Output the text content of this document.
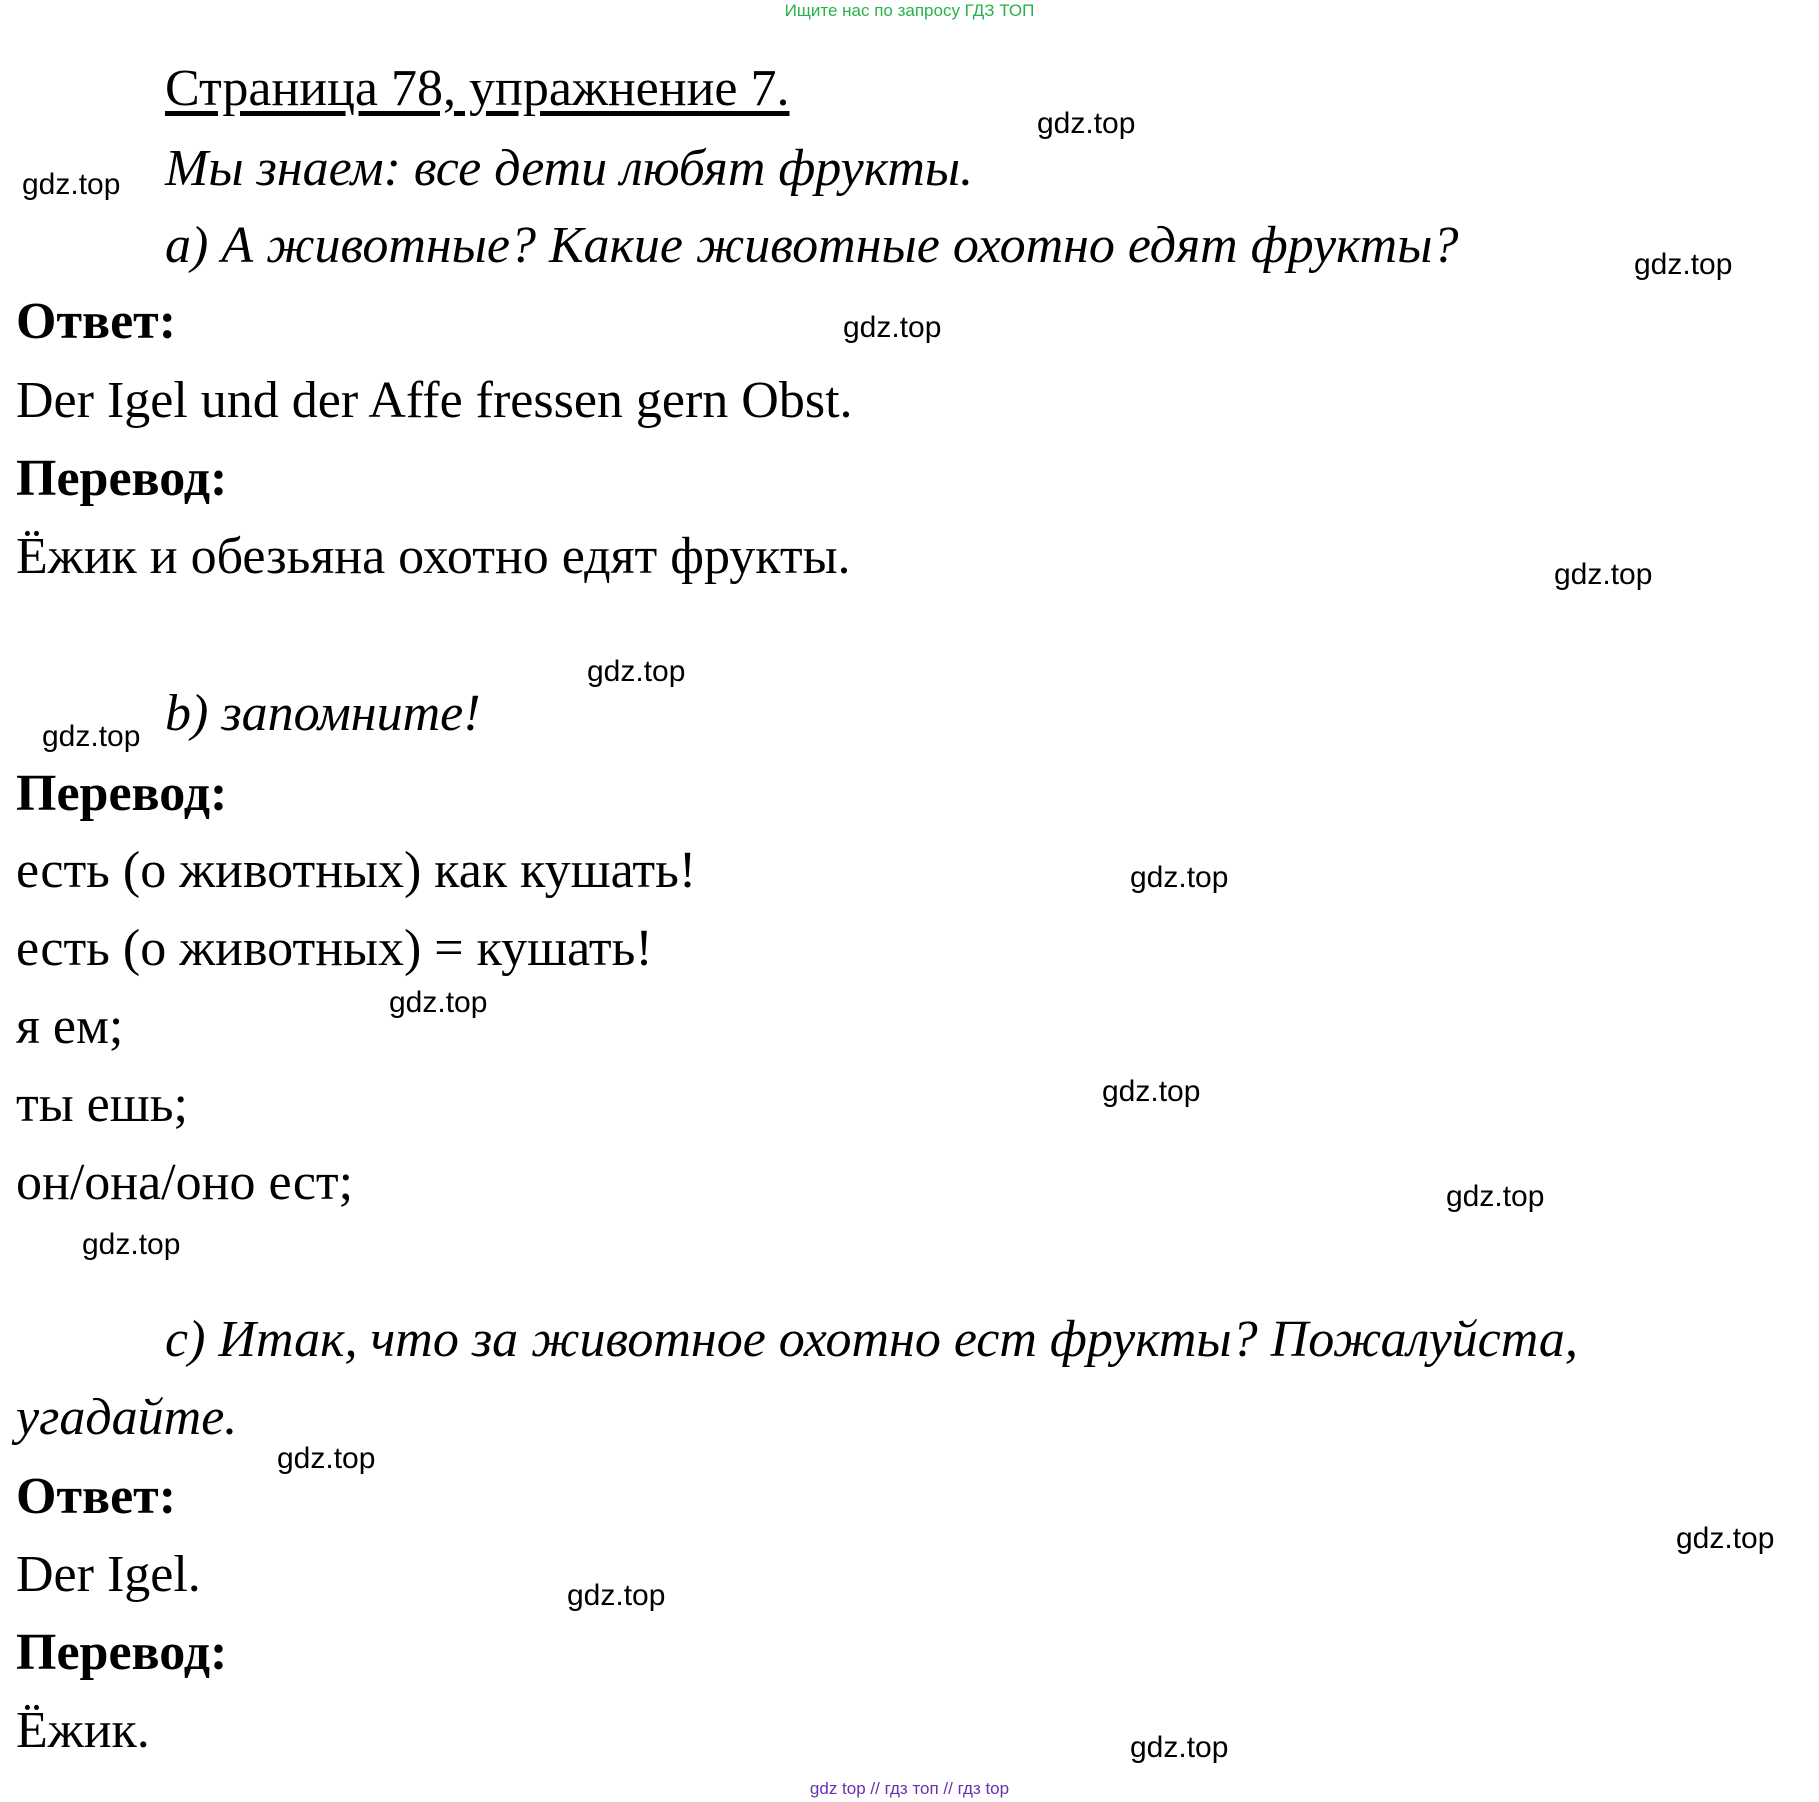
Ищите нас по запросу ГДЗ ТОП
Страница 78, упражнение 7.
Мы знаем: все дети любят фрукты.
а) А животные? Какие животные охотно едят фрукты?
Ответ:
Der Igel und der Affe fressen gern Obst.
Перевод:
Ёжик и обезьяна охотно едят фрукты.
b) запомните!
Перевод:
есть (о животных) как кушать!
есть (о животных) = кушать!
я ем;
ты ешь;
он/она/оно ест;
с) Итак, что за животное охотно ест фрукты? Пожалуйста,
угадайте.
Ответ:
Der Igel.
Перевод:
Ёжик.
gdz.top
gdz.top
gdz.top
gdz.top
gdz.top
gdz.top
gdz.top
gdz.top
gdz.top
gdz.top
gdz.top
gdz.top
gdz.top
gdz.top
gdz.top
gdz.top
gdz top // гдз топ // гдз top
